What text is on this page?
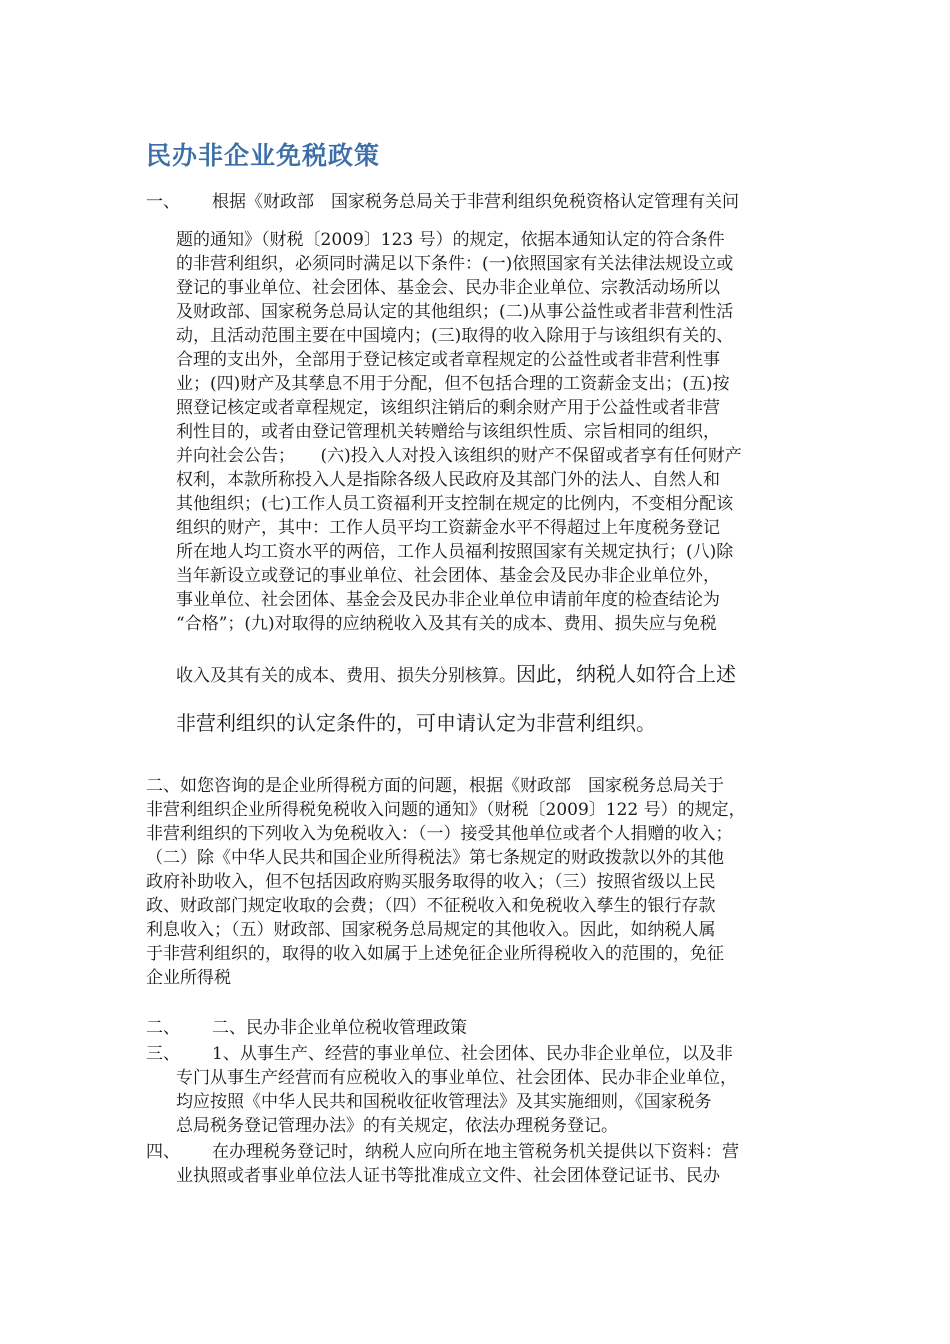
民办非企业免税政策
一、 根据《财政部　国家税务总局关于非营利组织免税资格认定管理有关问
题的通知》（财税〔2009〕123 号）的规定，依据本通知认定的符合条件
的非营利组织，必须同时满足以下条件：(一)依照国家有关法律法规设立或
登记的事业单位、社会团体、基金会、民办非企业单位、宗教活动场所以
及财政部、国家税务总局认定的其他组织；(二)从事公益性或者非营利性活
动，且活动范围主要在中国境内；(三)取得的收入除用于与该组织有关的、
合理的支出外，全部用于登记核定或者章程规定的公益性或者非营利性事
业；(四)财产及其孳息不用于分配，但不包括合理的工资薪金支出；(五)按
照登记核定或者章程规定，该组织注销后的剩余财产用于公益性或者非营
利性目的，或者由登记管理机关转赠给与该组织性质、宗旨相同的组织，
并向社会公告；　　(六)投入人对投入该组织的财产不保留或者享有任何财产
权利，本款所称投入人是指除各级人民政府及其部门外的法人、自然人和
其他组织；(七)工作人员工资福利开支控制在规定的比例内，不变相分配该
组织的财产，其中：工作人员平均工资薪金水平不得超过上年度税务登记
所在地人均工资水平的两倍，工作人员福利按照国家有关规定执行；(八)除
当年新设立或登记的事业单位、社会团体、基金会及民办非企业单位外，
事业单位、社会团体、基金会及民办非企业单位申请前年度的检查结论为
“合格”；(九)对取得的应纳税收入及其有关的成本、费用、损失应与免税
收入及其有关的成本、费用、损失分别核算。因此，纳税人如符合上述
非营利组织的认定条件的，可申请认定为非营利组织。
二、如您咨询的是企业所得税方面的问题，根据《财政部　国家税务总局关于
非营利组织企业所得税免税收入问题的通知》（财税〔2009〕122 号）的规定，
非营利组织的下列收入为免税收入：（一）接受其他单位或者个人捐赠的收入；
（二）除《中华人民共和国企业所得税法》第七条规定的财政拨款以外的其他
政府补助收入，但不包括因政府购买服务取得的收入；（三）按照省级以上民
政、财政部门规定收取的会费；（四）不征税收入和免税收入孳生的银行存款
利息收入；（五）财政部、国家税务总局规定的其他收入。因此，如纳税人属
于非营利组织的，取得的收入如属于上述免征企业所得税收入的范围的，免征
企业所得税
二、 二、民办非企业单位税收管理政策
三、 1、从事生产、经营的事业单位、社会团体、民办非企业单位，以及非
专门从事生产经营而有应税收入的事业单位、社会团体、民办非企业单位，
均应按照《中华人民共和国税收征收管理法》及其实施细则，《国家税务
总局税务登记管理办法》的有关规定，依法办理税务登记。
四、 在办理税务登记时，纳税人应向所在地主管税务机关提供以下资料：营
业执照或者事业单位法人证书等批准成立文件、社会团体登记证书、民办
